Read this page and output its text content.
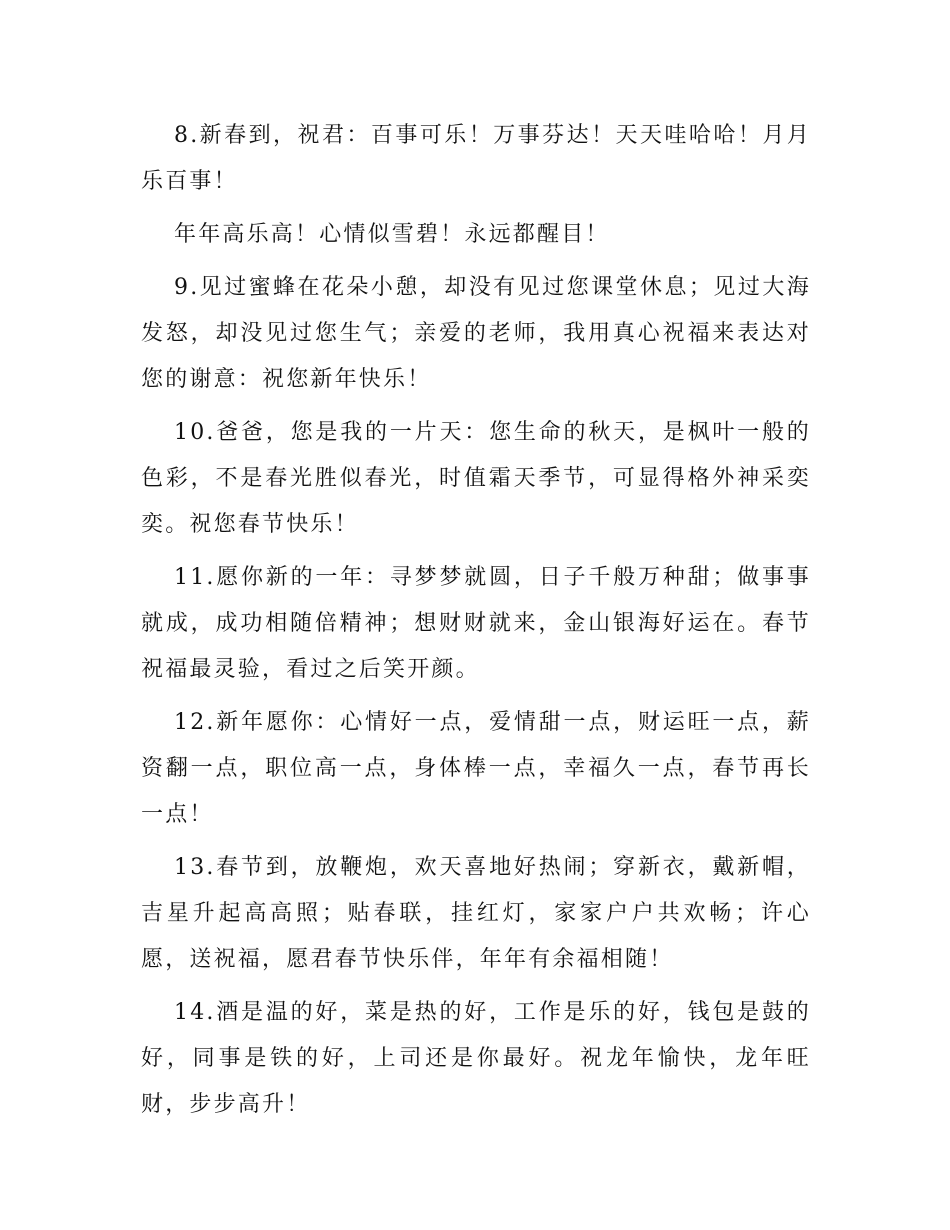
8.新春到，祝君：百事可乐！万事芬达！天天哇哈哈！月月乐百事！

年年高乐高！心情似雪碧！永远都醒目！

9.见过蜜蜂在花朵小憩，却没有见过您课堂休息；见过大海发怒，却没见过您生气；亲爱的老师，我用真心祝福来表达对您的谢意：祝您新年快乐！

10.爸爸，您是我的一片天：您生命的秋天，是枫叶一般的色彩，不是春光胜似春光，时值霜天季节，可显得格外神采奕奕。祝您春节快乐！

11.愿你新的一年：寻梦梦就圆，日子千般万种甜；做事事就成，成功相随倍精神；想财财就来，金山银海好运在。春节祝福最灵验，看过之后笑开颜。

12.新年愿你：心情好一点，爱情甜一点，财运旺一点，薪资翻一点，职位高一点，身体棒一点，幸福久一点，春节再长一点！

13.春节到，放鞭炮，欢天喜地好热闹；穿新衣，戴新帽，吉星升起高高照；贴春联，挂红灯，家家户户共欢畅；许心愿，送祝福，愿君春节快乐伴，年年有余福相随！

14.酒是温的好，菜是热的好，工作是乐的好，钱包是鼓的好，同事是铁的好，上司还是你最好。祝龙年愉快，龙年旺财，步步高升！
